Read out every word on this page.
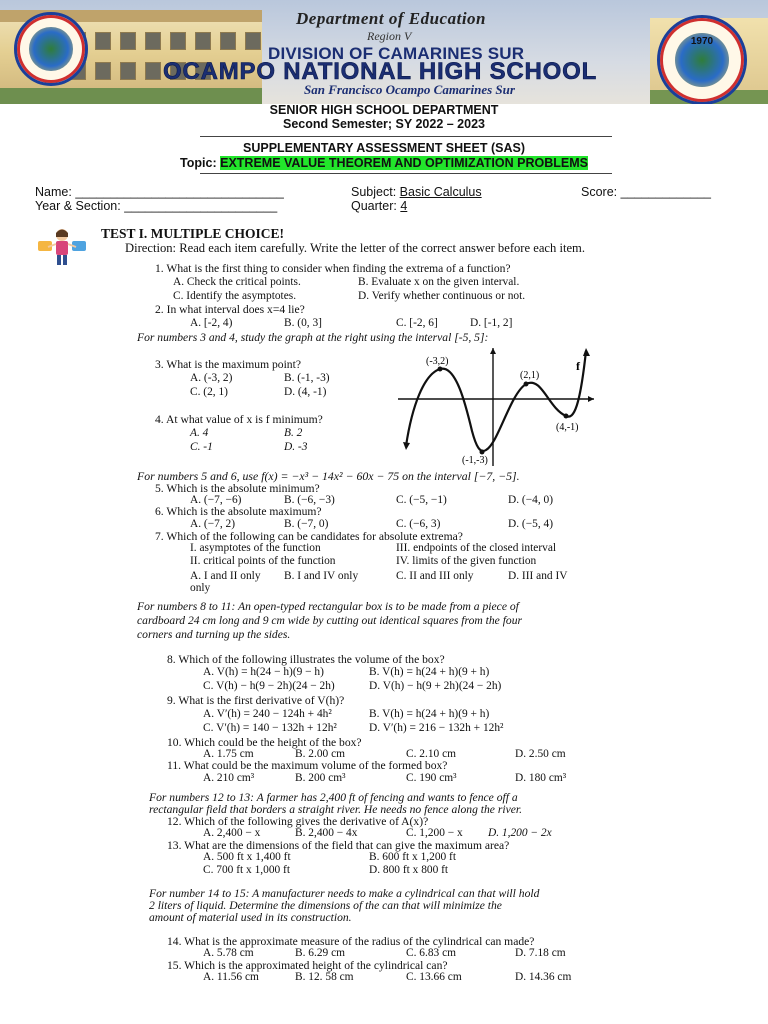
1970
Department of Education
Region V
DIVISION OF CAMARINES SUR
OCAMPO NATIONAL HIGH SCHOOL
San Francisco Ocampo Camarines Sur
SENIOR HIGH SCHOOL DEPARTMENT
Second Semester; SY 2022 – 2023
SUPPLEMENTARY ASSESSMENT SHEET (SAS)
Topic: EXTREME VALUE THEOREM AND OPTIMIZATION PROBLEMS
Name: ______________________________
Year & Section: ______________________
Subject: Basic Calculus
Quarter: 4
Score: _____________
TEST I. MULTIPLE CHOICE!
Direction: Read each item carefully. Write the letter of the correct answer before each item.
1. What is the first thing to consider when finding the extrema of a function?
A. Check the critical points.	B. Evaluate x on the given interval.
C. Identify the asymptotes.	D. Verify whether continuous or not.
2. In what interval does x=4 lie?
A. [-2, 4)	B. (0, 3]	C. [-2, 6]	D. [-1, 2]
For numbers 3 and 4, study the graph at the right using the interval [-5, 5]:
3. What is the maximum point?
A. (-3, 2)	B. (-1, -3)
C. (2, 1)	D. (4, -1)
4. At what value of x is f minimum?
A. 4	B. 2
C. -1	D. -3
(-3,2)
(2,1)
(-1,-3)
(4,-1)
f
For numbers 5 and 6, use f(x) = −x³ − 14x² − 60x − 75 on the interval [−7, −5].
5. Which is the absolute minimum?
A. (−7, −6)	B. (−6, −3)	C. (−5, −1)	D. (−4, 0)
6. Which is the absolute maximum?
A. (−7, 2)	B. (−7, 0)	C. (−6, 3)	D. (−5, 4)
7. Which of the following can be candidates for absolute extrema?
I. asymptotes of the function	III. endpoints of the closed interval
II. critical points of the function	IV. limits of the given function
A. I and II only B. I and IV only	C. II and III only	D. III and IV
only
For numbers 8 to 11: An open-typed rectangular box is to be made from a piece of
cardboard 24 cm long and 9 cm wide by cutting out identical squares from the four
corners and turning up the sides.
8. Which of the following illustrates the volume of the box?
A. V(h) = h(24 − h)(9 − h)	B. V(h) = h(24 + h)(9 + h)
C. V(h) − h(9 − 2h)(24 − 2h)	D. V(h) − h(9 + 2h)(24 − 2h)
9. What is the first derivative of V(h)?
A. V′(h) = 240 − 124h + 4h²	B. V(h) = h(24 + h)(9 + h)
C. V′(h) = 140 − 132h + 12h²	D. V′(h) = 216 − 132h + 12h²
10. Which could be the height of the box?
A. 1.75 cm	B. 2.00 cm	C. 2.10 cm	D. 2.50 cm
11. What could be the maximum volume of the formed box?
A. 210 cm³	B. 200 cm³	C. 190 cm³	D. 180 cm³
For numbers 12 to 13: A farmer has 2,400 ft of fencing and wants to fence off a
rectangular field that borders a straight river. He needs no fence along the river.
12. Which of the following gives the derivative of A(x)?
A. 2,400 − x	B. 2,400 − 4x	C. 1,200 − x D. 1,200 − 2x
13. What are the dimensions of the field that can give the maximum area?
A. 500 ft x 1,400 ft	B. 600 ft x 1,200 ft
C. 700 ft x 1,000 ft	D. 800 ft x 800 ft
For number 14 to 15: A manufacturer needs to make a cylindrical can that will hold
2 liters of liquid. Determine the dimensions of the can that will minimize the
amount of material used in its construction.
14. What is the approximate measure of the radius of the cylindrical can made?
A. 5.78 cm	B. 6.29 cm	C. 6.83 cm	D. 7.18 cm
15. Which is the approximated height of the cylindrical can?
A. 11.56 cm	B. 12. 58 cm	C. 13.66 cm	D. 14.36 cm
